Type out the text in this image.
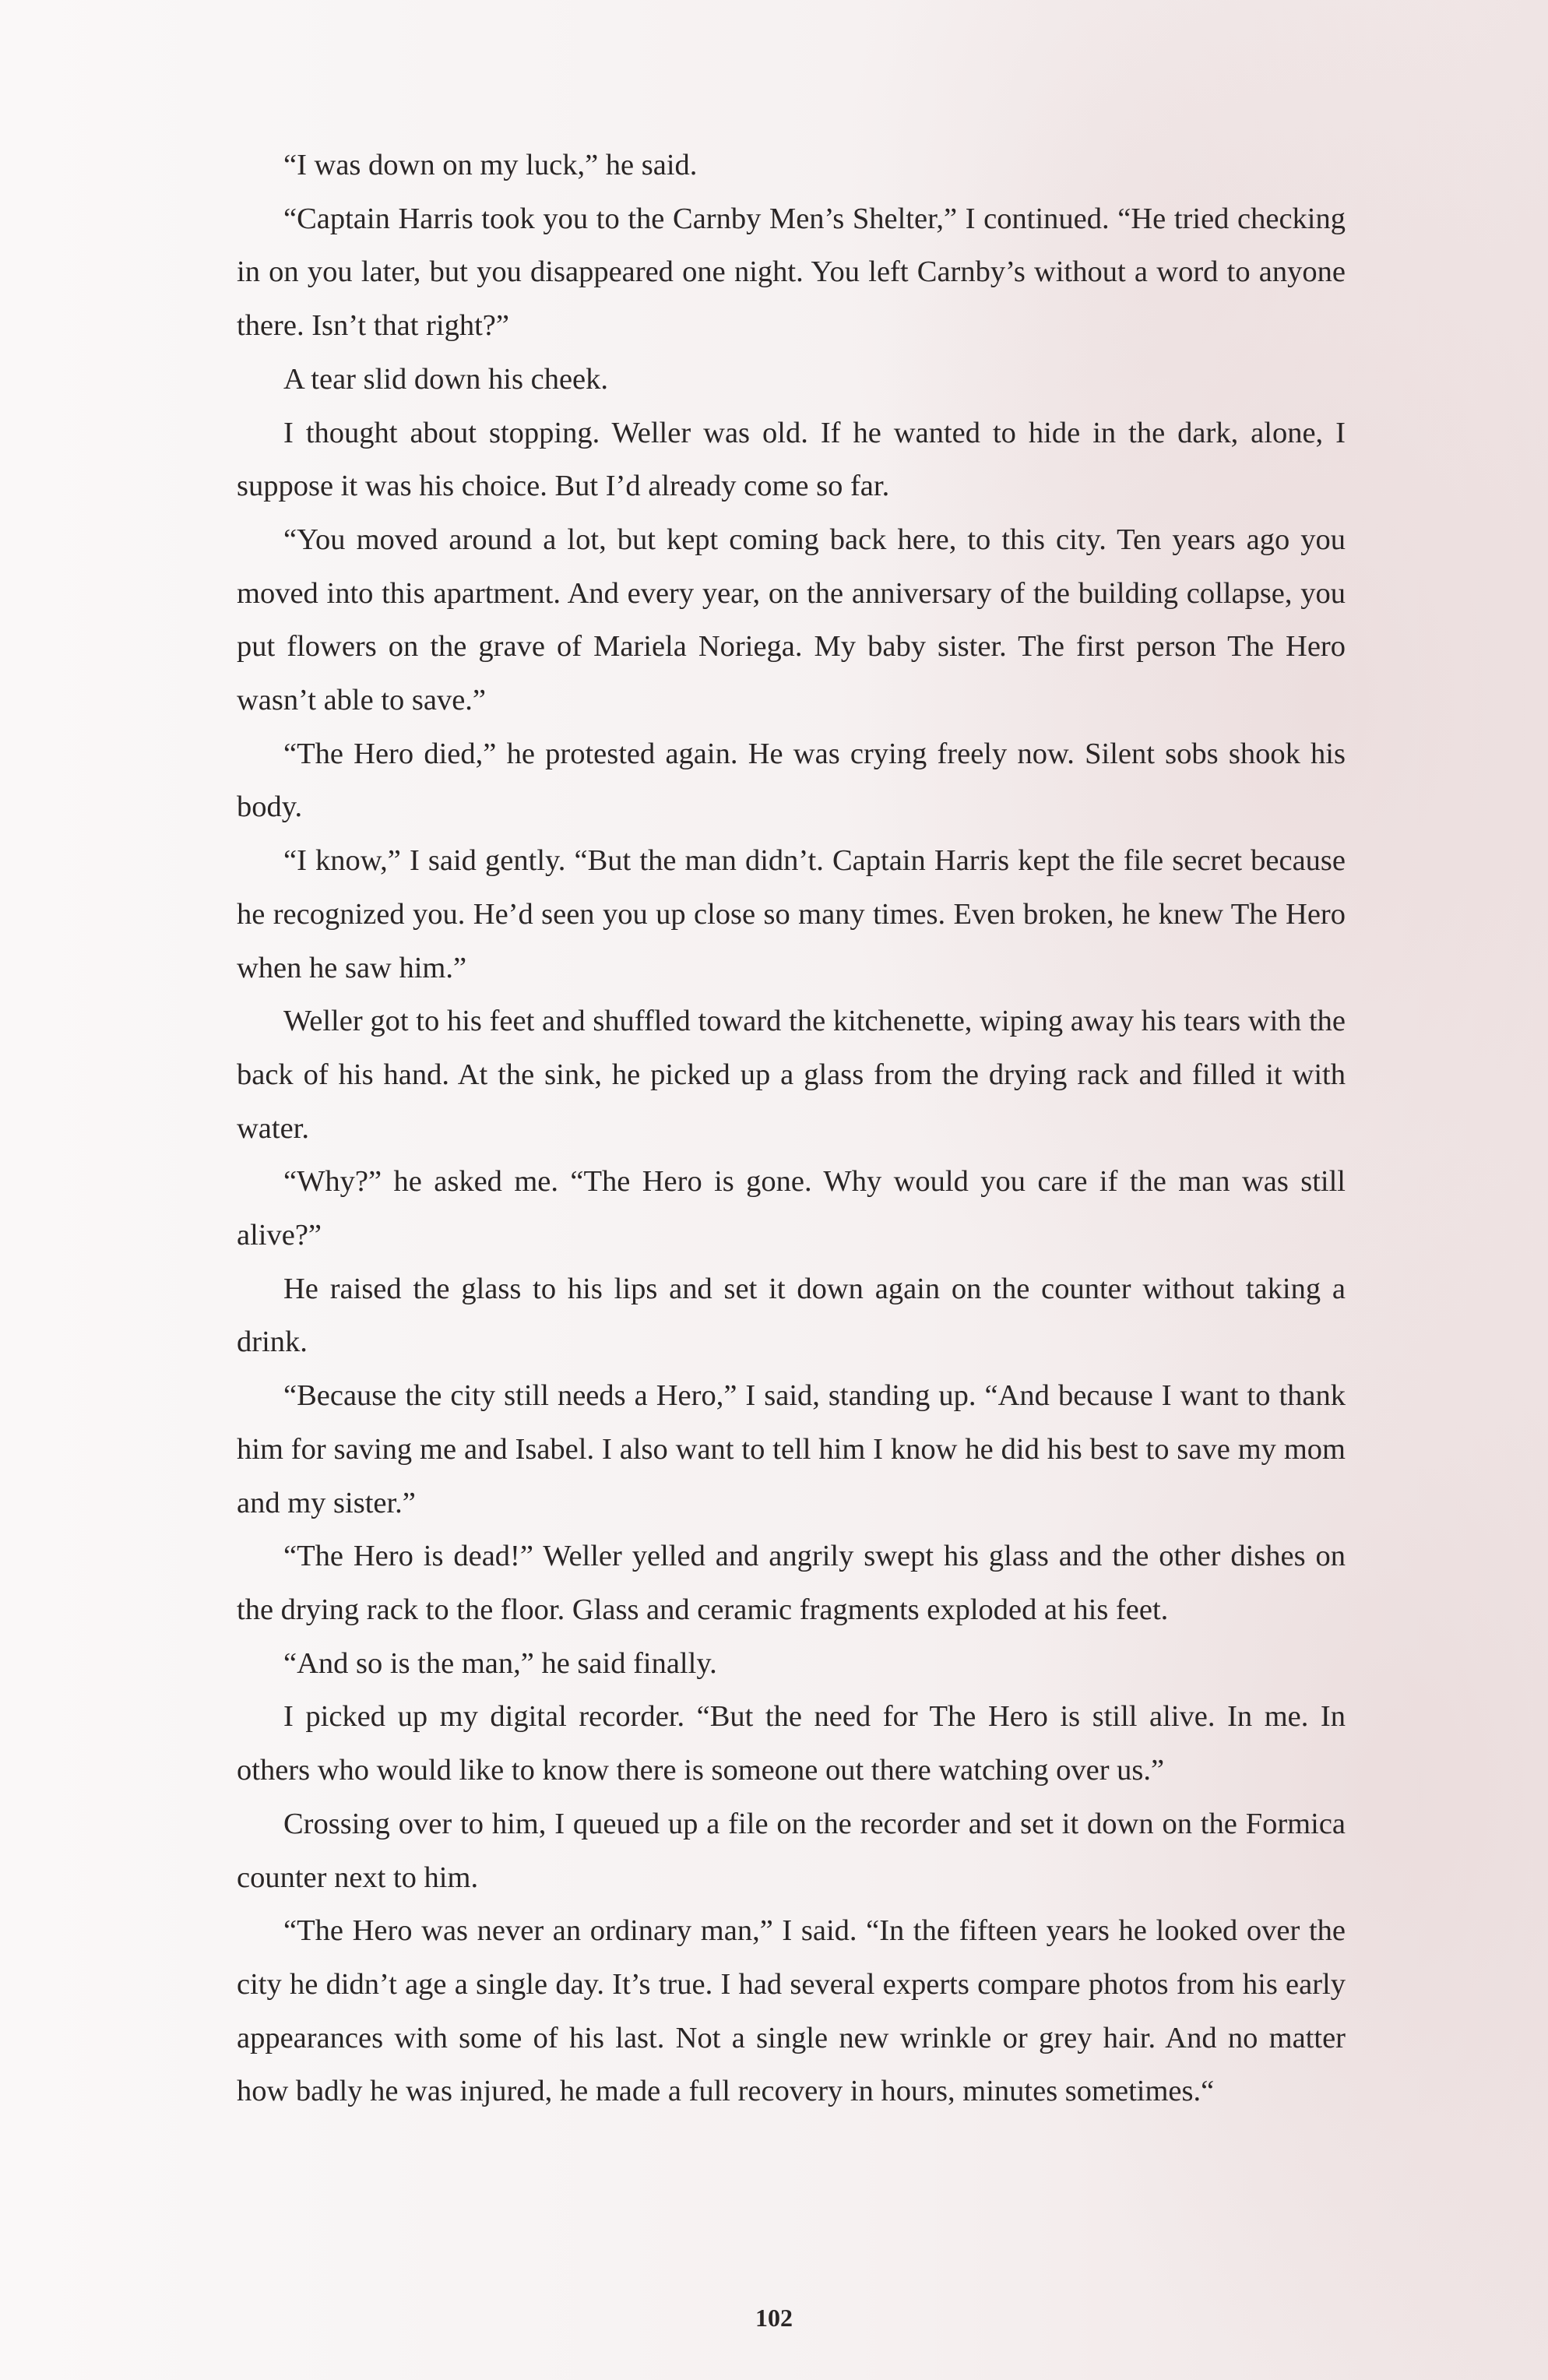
“I was down on my luck,” he said.

“Captain Harris took you to the Carnby Men’s Shelter,” I continued. “He tried checking in on you later, but you disappeared one night. You left Carnby’s without a word to anyone there. Isn’t that right?”

A tear slid down his cheek.

I thought about stopping. Weller was old. If he wanted to hide in the dark, alone, I suppose it was his choice. But I’d already come so far.

“You moved around a lot, but kept coming back here, to this city. Ten years ago you moved into this apartment. And every year, on the anniversary of the building collapse, you put flowers on the grave of Mariela Noriega. My baby sister. The first person The Hero wasn’t able to save.”

“The Hero died,” he protested again. He was crying freely now. Silent sobs shook his body.

“I know,” I said gently. “But the man didn’t. Captain Harris kept the file secret because he recognized you. He’d seen you up close so many times. Even broken, he knew The Hero when he saw him.”

Weller got to his feet and shuffled toward the kitchenette, wiping away his tears with the back of his hand. At the sink, he picked up a glass from the drying rack and filled it with water.

“Why?” he asked me. “The Hero is gone. Why would you care if the man was still alive?”

He raised the glass to his lips and set it down again on the counter without taking a drink.

“Because the city still needs a Hero,” I said, standing up. “And because I want to thank him for saving me and Isabel. I also want to tell him I know he did his best to save my mom and my sister.”

“The Hero is dead!” Weller yelled and angrily swept his glass and the other dishes on the drying rack to the floor. Glass and ceramic fragments exploded at his feet.

“And so is the man,” he said finally.

I picked up my digital recorder. “But the need for The Hero is still alive. In me. In others who would like to know there is someone out there watching over us.”

Crossing over to him, I queued up a file on the recorder and set it down on the Formica counter next to him.

“The Hero was never an ordinary man,” I said. “In the fifteen years he looked over the city he didn’t age a single day. It’s true. I had several experts compare photos from his early appearances with some of his last. Not a single new wrinkle or grey hair. And no matter how badly he was injured, he made a full recovery in hours, minutes sometimes.“

102
